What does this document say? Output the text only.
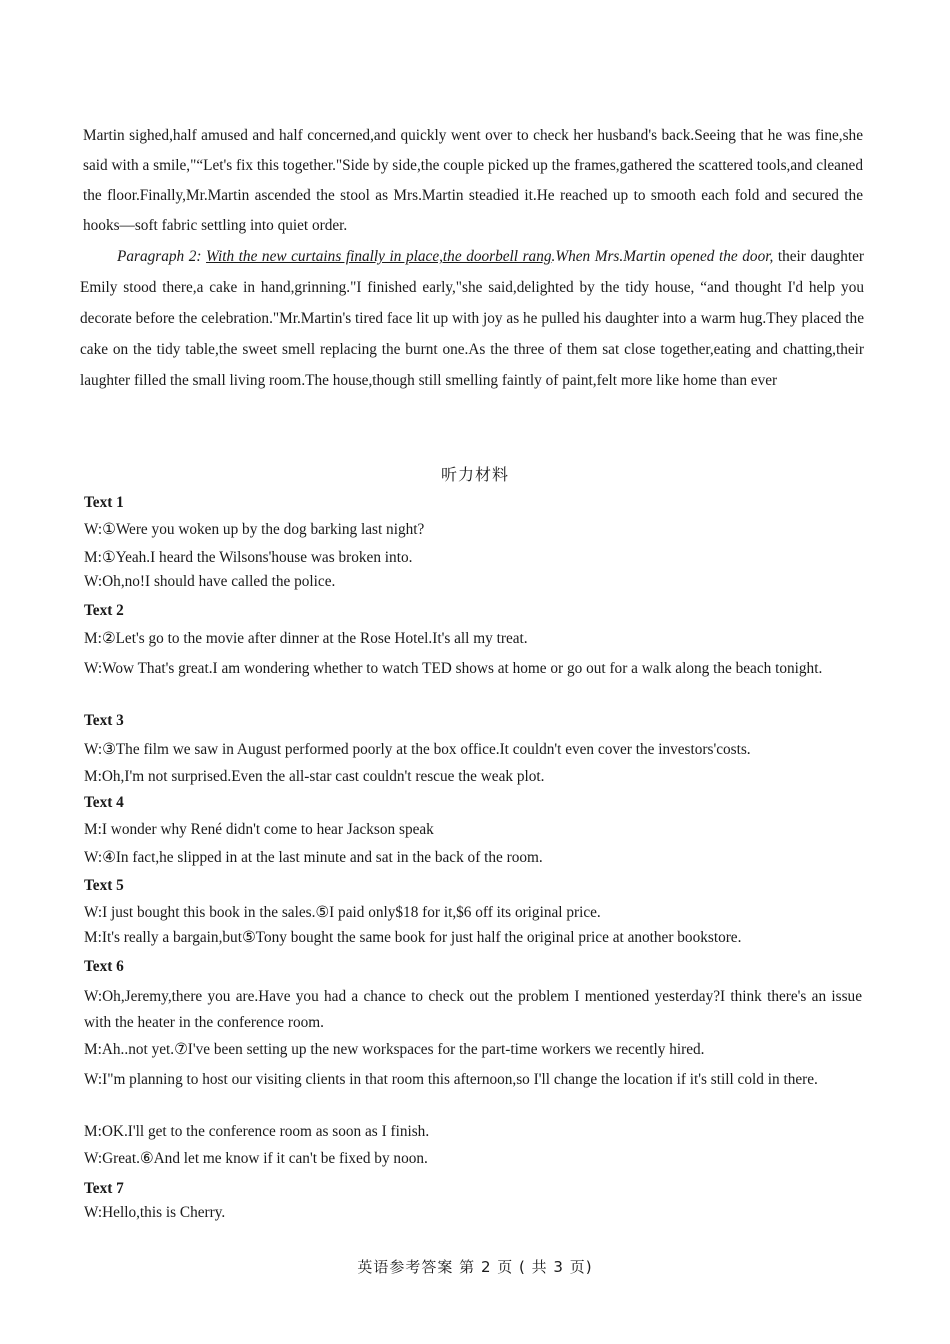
Martin sighed,half amused and half concerned,and quickly went over to check her husband's back.Seeing that he was fine,she said with a smile,"“Let's fix this together."Side by side,the couple picked up the frames,gathered the scattered tools,and cleaned the floor.Finally,Mr.Martin ascended the stool as Mrs.Martin steadied it.He reached up to smooth each fold and secured the hooks—soft fabric settling into quiet order.

Paragraph 2: With the new curtains finally in place,the doorbell rang.When Mrs.Martin opened the door, their daughter Emily stood there,a cake in hand,grinning."I finished early,"she said,delighted by the tidy house, “and thought I'd help you decorate before the celebration."Mr.Martin's tired face lit up with joy as he pulled his daughter into a warm hug.They placed the cake on the tidy table,the sweet smell replacing the burnt one.As the three of them sat close together,eating and chatting,their laughter filled the small living room.The house,though still smelling faintly of paint,felt more like home than ever

听力材料
Text 1
W:①Were you woken up by the dog barking last night?
M:①Yeah.I heard the Wilsons'house was broken into.
W:Oh,no!I should have called the police.
Text 2
M:②Let's go to the movie after dinner at the Rose Hotel.It's all my treat.
W:Wow That's great.I am wondering whether to watch TED shows at home or go out for a walk along the beach tonight.
Text 3
W:③The film we saw in August performed poorly at the box office.It couldn't even cover the investors'costs.
M:Oh,I'm not surprised.Even the all-star cast couldn't rescue the weak plot.
Text 4
M:I wonder why René didn't come to hear Jackson speak
W:④In fact,he slipped in at the last minute and sat in the back of the room.
Text 5
W:I just bought this book in the sales.⑤I paid only$18 for it,$6 off its original price.
M:It's really a bargain,but⑤Tony bought the same book for just half the original price at another bookstore.
Text 6
W:Oh,Jeremy,there you are.Have you had a chance to check out the problem I mentioned yesterday?I think there's an issue with the heater in the conference room.
M:Ah..not yet.⑦I've been setting up the new workspaces for the part-time workers we recently hired.
W:I"m planning to host our visiting clients in that room this afternoon,so I'll change the location if it's still cold in there.
M:OK.I'll get to the conference room as soon as I finish.
W:Great.⑥And let me know if it can't be fixed by noon.
Text 7
W:Hello,this is Cherry.
英语参考答案 第 2 页 ( 共 3 页)
